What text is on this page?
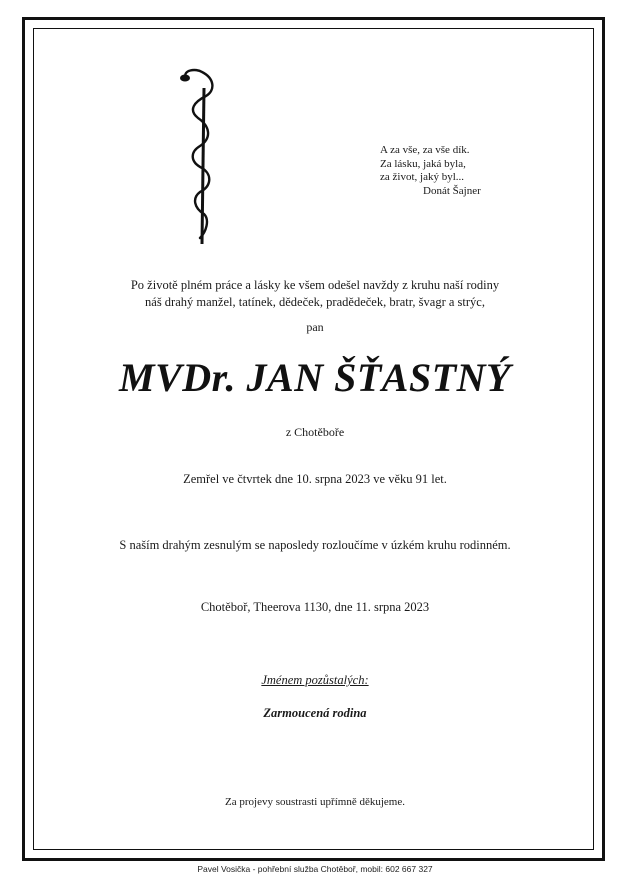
A za vše, za vše dík.
Za lásku, jaká byla,
za život, jaký byl...
Donát Šajner
Po životě plném práce a lásky ke všem odešel navždy z kruhu naší rodiny
náš drahý manžel, tatínek, dědeček, pradědeček, bratr, švagr a strýc,
pan
MVDr. JAN ŠŤASTNÝ
z Chotěboře
Zemřel ve čtvrtek dne 10. srpna 2023 ve věku 91 let.
S naším drahým zesnulým se naposledy rozloučíme v úzkém kruhu rodinném.
Chotěboř, Theerova 1130, dne 11. srpna 2023
Jménem pozůstalých:
Zarmoucená rodina
Za projevy soustrasti upřímně děkujeme.
Pavel Vosička - pohřební služba Chotěboř, mobil: 602 667 327
